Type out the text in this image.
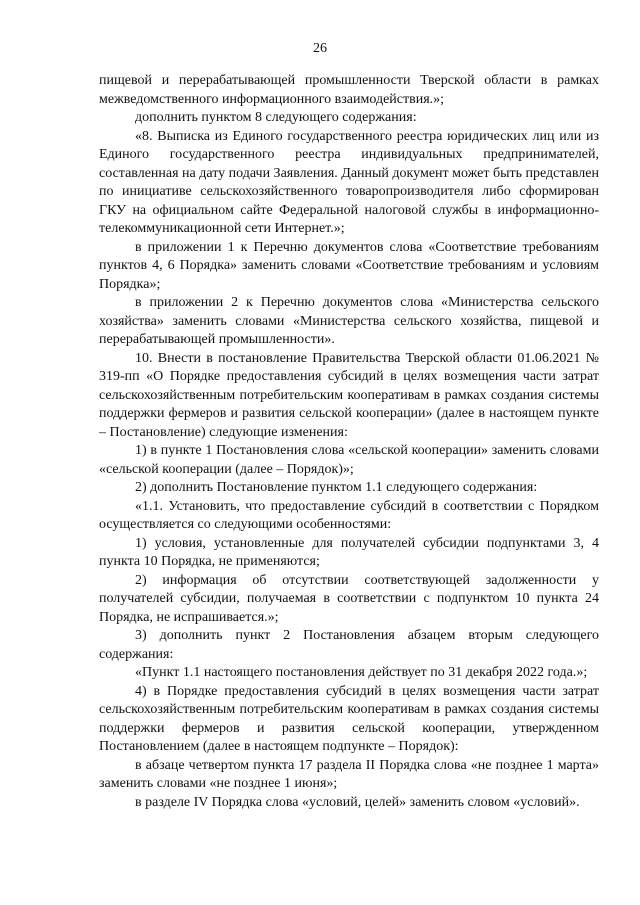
26

пищевой и перерабатывающей промышленности Тверской области в рамках межведомственного информационного взаимодействия.»;

дополнить пунктом 8 следующего содержания:

«8. Выписка из Единого государственного реестра юридических лиц или из Единого государственного реестра индивидуальных предпринимателей, составленная на дату подачи Заявления. Данный документ может быть представлен по инициативе сельскохозяйственного товаропроизводителя либо сформирован ГКУ на официальном сайте Федеральной налоговой службы в информационно-телекоммуникационной сети Интернет.»;

в приложении 1 к Перечню документов слова «Соответствие требованиям пунктов 4, 6 Порядка» заменить словами «Соответствие требованиям и условиям Порядка»;

в приложении 2 к Перечню документов слова «Министерства сельского хозяйства» заменить словами «Министерства сельского хозяйства, пищевой и перерабатывающей промышленности».

10. Внести в постановление Правительства Тверской области 01.06.2021 № 319-пп «О Порядке предоставления субсидий в целях возмещения части затрат сельскохозяйственным потребительским кооперативам в рамках создания системы поддержки фермеров и развития сельской кооперации» (далее в настоящем пункте – Постановление) следующие изменения:

1) в пункте 1 Постановления слова «сельской кооперации» заменить словами «сельской кооперации (далее – Порядок)»;

2) дополнить Постановление пунктом 1.1 следующего содержания:

«1.1. Установить, что предоставление субсидий в соответствии с Порядком осуществляется со следующими особенностями:

1) условия, установленные для получателей субсидии подпунктами 3, 4 пункта 10 Порядка, не применяются;

2) информация об отсутствии соответствующей задолженности у получателей субсидии, получаемая в соответствии с подпунктом 10 пункта 24 Порядка, не испрашивается.»;

3) дополнить пункт 2 Постановления абзацем вторым следующего содержания:

«Пункт 1.1 настоящего постановления действует по 31 декабря 2022 года.»;

4) в Порядке предоставления субсидий в целях возмещения части затрат сельскохозяйственным потребительским кооперативам в рамках создания системы поддержки фермеров и развития сельской кооперации, утвержденном Постановлением (далее в настоящем подпункте – Порядок):

в абзаце четвертом пункта 17 раздела II Порядка слова «не позднее 1 марта» заменить словами «не позднее 1 июня»;

в разделе IV Порядка слова «условий, целей» заменить словом «условий».
